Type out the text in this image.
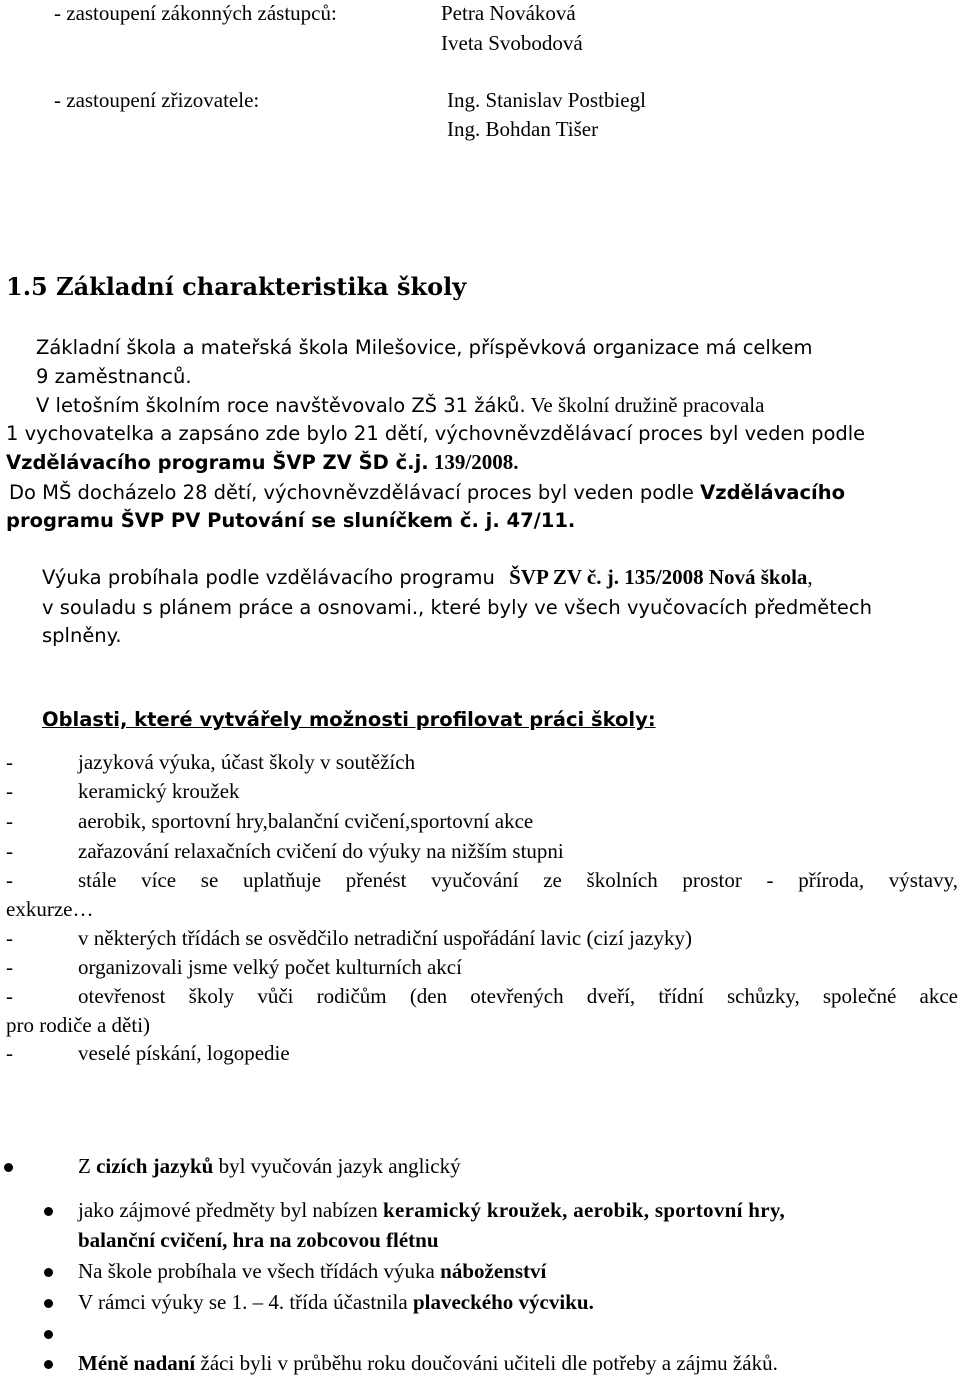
- zastoupení zákonných zástupců:	Petra Nováková
Iveta Svobodová
- zastoupení zřizovatele:	Ing. Stanislav Postbiegl
Ing. Bohdan Tišer
1.5 Základní charakteristika školy
Základní škola a mateřská škola Milešovice, příspěvková organizace má celkem
9 zaměstnanců.
V letošním školním roce navštěvovalo ZŠ 31 žáků. Ve školní družině pracovala
1 vychovatelka a zapsáno zde bylo 21 dětí, výchovněvzdělávací proces byl veden podle
Vzdělávacího programu ŠVP ZV ŠD č.j. 139/2008.
Do MŠ docházelo 28 dětí, výchovněvzdělávací proces byl veden podle Vzdělávacího
programu ŠVP PV Putování se sluníčkem č. j. 47/11.
Výuka probíhala podle vzdělávacího programu ŠVP ZV č. j. 135/2008 Nová škola,
v souladu s plánem práce a osnovami., které byly ve všech vyučovacích předmětech
splněny.
Oblasti, které vytvářely možnosti profilovat práci školy:
-	jazyková výuka, účast školy v soutěžích
-	keramický kroužek
-	aerobik, sportovní hry,balanční cvičení,sportovní akce
-	zařazování relaxačních cvičení do výuky na nižším stupni
-	stále více se uplatňuje přenést vyučování ze školních prostor - příroda, výstavy,
exkurze…
-	v některých třídách se osvědčilo netradiční uspořádání lavic (cizí jazyky)
-	organizovali jsme velký počet kulturních akcí
-	otevřenost školy vůči rodičům (den otevřených dveří, třídní schůzky, společné akce
pro rodiče a děti)
-	veselé pískání, logopedie
Z cizích jazyků byl vyučován jazyk anglický
jako zájmové předměty byl nabízen keramický kroužek, aerobik, sportovní hry,
balanční cvičení, hra na zobcovou flétnu
Na škole probíhala ve všech třídách výuka náboženství
V rámci výuky se 1. – 4. třída účastnila plaveckého výcviku.
Méně nadaní žáci byli v průběhu roku doučováni učiteli dle potřeby a zájmu žáků.
